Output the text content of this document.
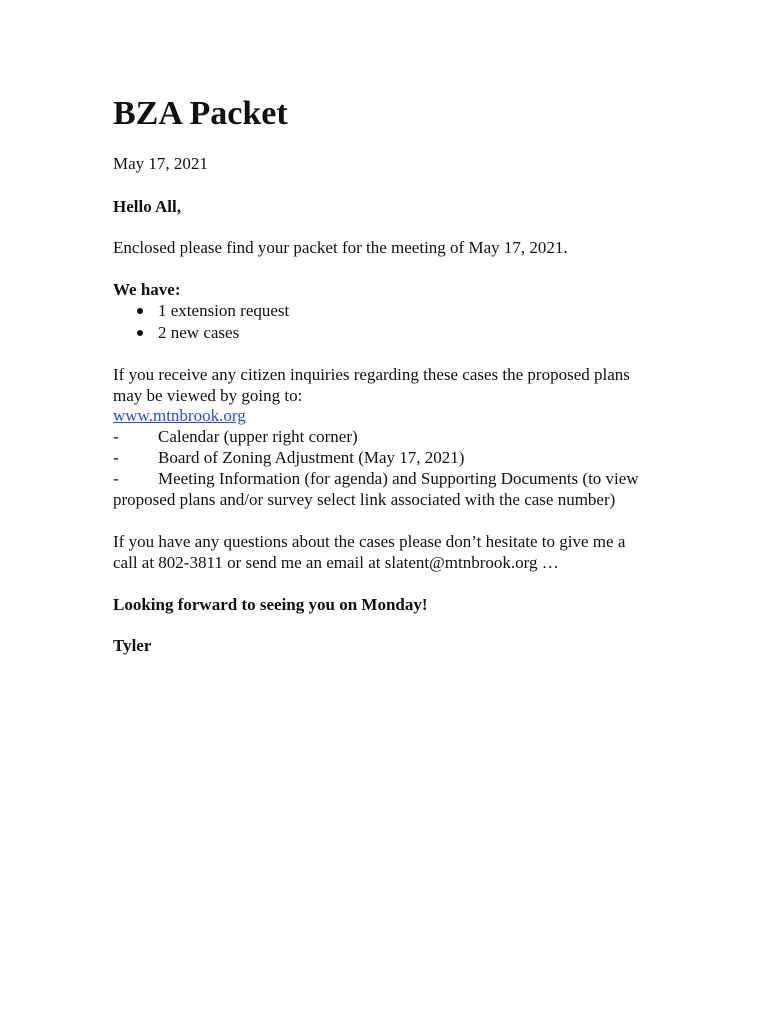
BZA Packet
May 17, 2021
Hello All,
Enclosed please find your packet for the meeting of May 17, 2021.
We have:
1 extension request
2 new cases
If you receive any citizen inquiries regarding these cases the proposed plans
may be viewed by going to:
www.mtnbrook.org
- Calendar (upper right corner)
- Board of Zoning Adjustment (May 17, 2021)
- Meeting Information (for agenda) and Supporting Documents (to view
proposed plans and/or survey select link associated with the case number)
If you have any questions about the cases please don’t hesitate to give me a
call at 802-3811 or send me an email at slatent@mtnbrook.org …
Looking forward to seeing you on Monday!
Tyler
